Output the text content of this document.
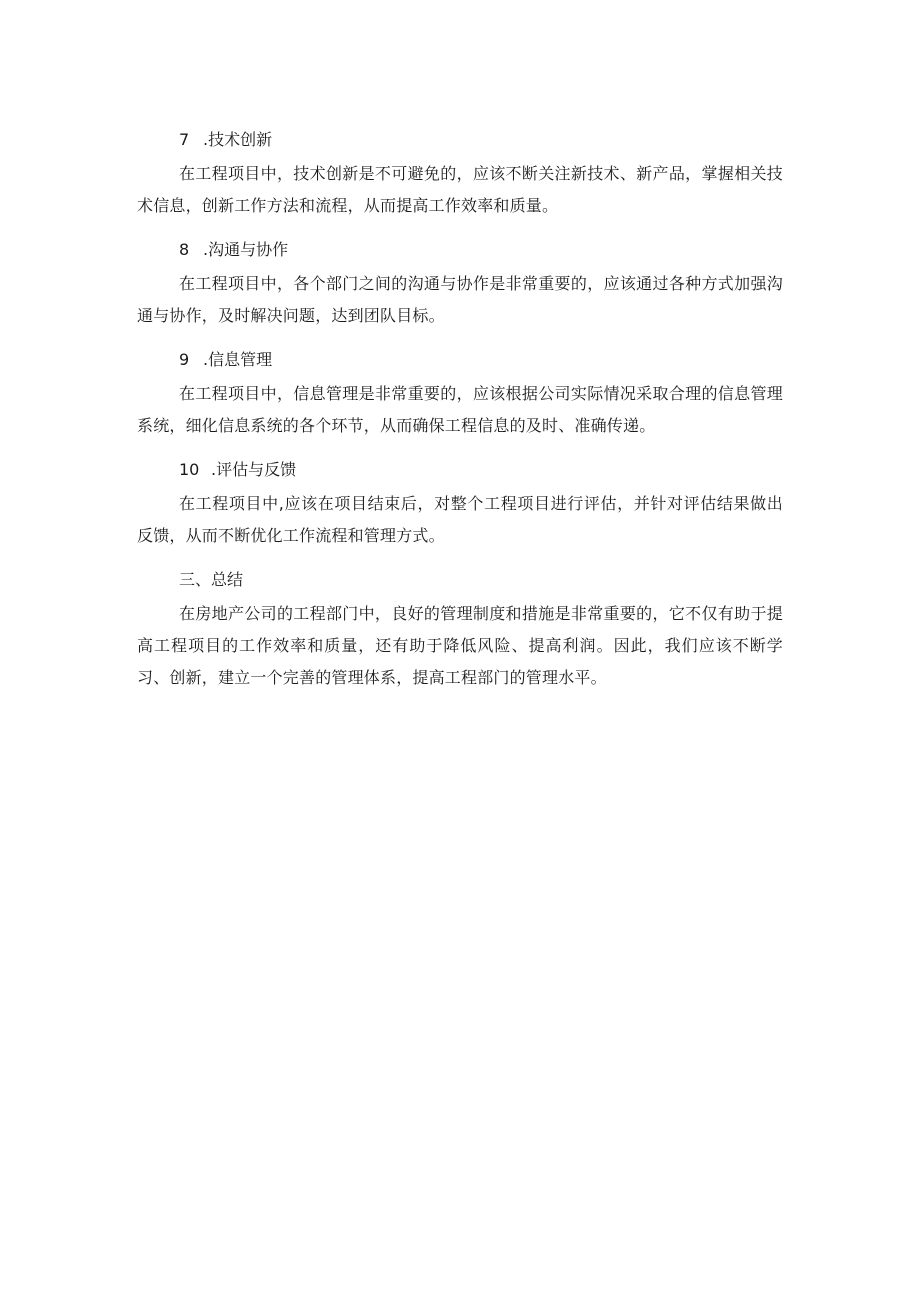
7 .技术创新

在工程项目中，技术创新是不可避免的，应该不断关注新技术、新产品，掌握相关技术信息，创新工作方法和流程，从而提高工作效率和质量。

8 .沟通与协作

在工程项目中，各个部门之间的沟通与协作是非常重要的，应该通过各种方式加强沟通与协作，及时解决问题，达到团队目标。

9 .信息管理

在工程项目中，信息管理是非常重要的，应该根据公司实际情况采取合理的信息管理系统，细化信息系统的各个环节，从而确保工程信息的及时、准确传递。

10 .评估与反馈

在工程项目中,应该在项目结束后，对整个工程项目进行评估，并针对评估结果做出反馈，从而不断优化工作流程和管理方式。

三、总结

在房地产公司的工程部门中，良好的管理制度和措施是非常重要的，它不仅有助于提高工程项目的工作效率和质量，还有助于降低风险、提高利润。因此，我们应该不断学习、创新，建立一个完善的管理体系，提高工程部门的管理水平。
